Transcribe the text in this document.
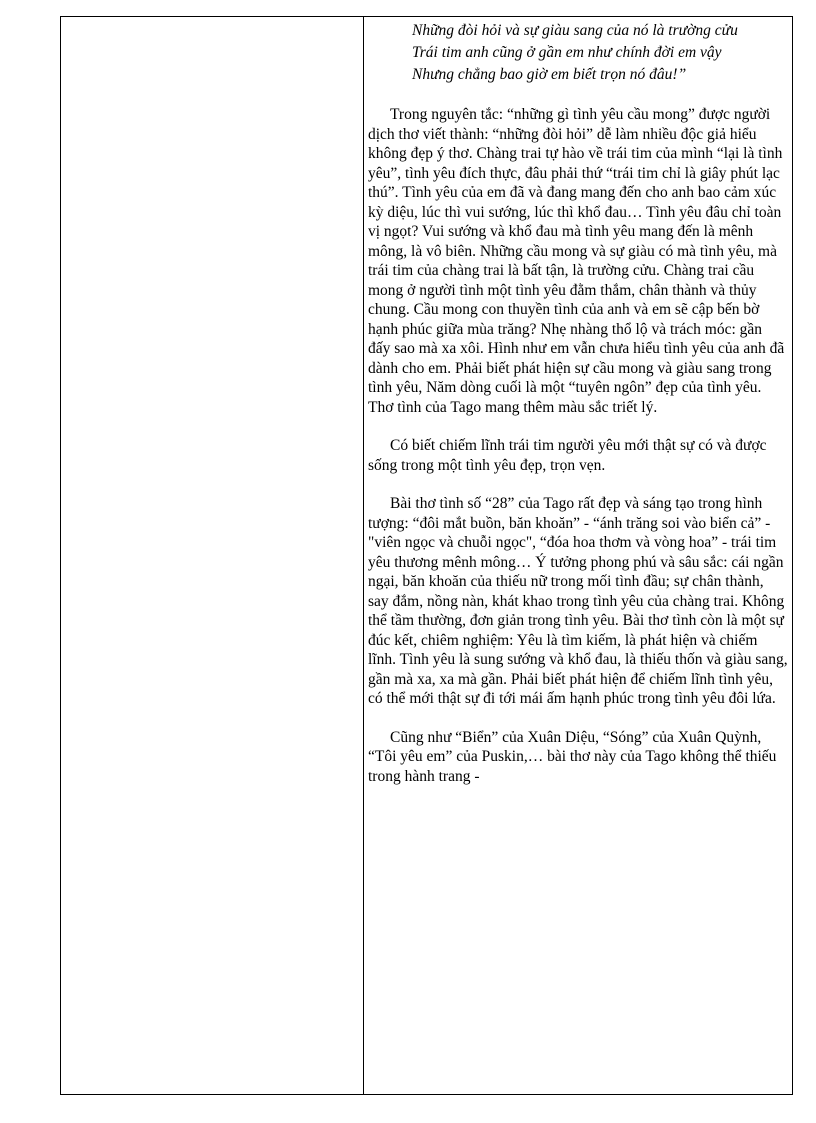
Những đòi hỏi và sự giàu sang của nó là trường cửu

Trái tim anh cũng ở gần em như chính đời em vậy

Nhưng chẳng bao giờ em biết trọn nó đâu!”

Trong nguyên tắc: “những gì tình yêu cầu mong” được người dịch thơ viết thành: “những đòi hỏi” dễ làm nhiều độc giả hiểu không đẹp ý thơ. Chàng trai tự hào về trái tim của mình “lại là tình yêu”, tình yêu đích thực, đâu phải thứ “trái tim chỉ là giây phút lạc thú”. Tình yêu của em đã và đang mang đến cho anh bao cảm xúc kỳ diệu, lúc thì vui sướng, lúc thì khổ đau… Tình yêu đâu chỉ toàn vị ngọt? Vui sướng và khổ đau mà tình yêu mang đến là mênh mông, là vô biên. Những cầu mong và sự giàu có mà tình yêu, mà trái tim của chàng trai là bất tận, là trường cửu. Chàng trai cầu mong ở người tình một tình yêu đằm thắm, chân thành và thủy chung. Cầu mong con thuyền tình của anh và em sẽ cập bến bờ hạnh phúc giữa mùa trăng? Nhẹ nhàng thổ lộ và trách móc: gần đấy sao mà xa xôi. Hình như em vẫn chưa hiểu tình yêu của anh đã dành cho em. Phải biết phát hiện sự cầu mong và giàu sang trong tình yêu, Năm dòng cuối là một “tuyên ngôn” đẹp của tình yêu. Thơ tình của Tago mang thêm màu sắc triết lý.

Có biết chiếm lĩnh trái tim người yêu mới thật sự có và được sống trong một tình yêu đẹp, trọn vẹn.

Bài thơ tình số “28” của Tago rất đẹp và sáng tạo trong hình tượng: “đôi mắt buồn, băn khoăn” - “ánh trăng soi vào biển cả” - "viên ngọc và chuỗi ngọc", “đóa hoa thơm và vòng hoa” - trái tim yêu thương mênh mông… Ý tưởng phong phú và sâu sắc: cái ngần ngại, băn khoăn của thiếu nữ trong mối tình đầu; sự chân thành, say đắm, nồng nàn, khát khao trong tình yêu của chàng trai. Không thể tầm thường, đơn giản trong tình yêu. Bài thơ tình còn là một sự đúc kết, chiêm nghiệm: Yêu là tìm kiếm, là phát hiện và chiếm lĩnh. Tình yêu là sung sướng và khổ đau, là thiếu thốn và giàu sang, gần mà xa, xa mà gần. Phải biết phát hiện để chiếm lĩnh tình yêu, có thể mới thật sự đi tới mái ấm hạnh phúc trong tình yêu đôi lứa.

Cũng như “Biển” của Xuân Diệu, “Sóng” của Xuân Quỳnh, “Tôi yêu em” của Puskin,… bài thơ này của Tago không thể thiếu trong hành trang -
